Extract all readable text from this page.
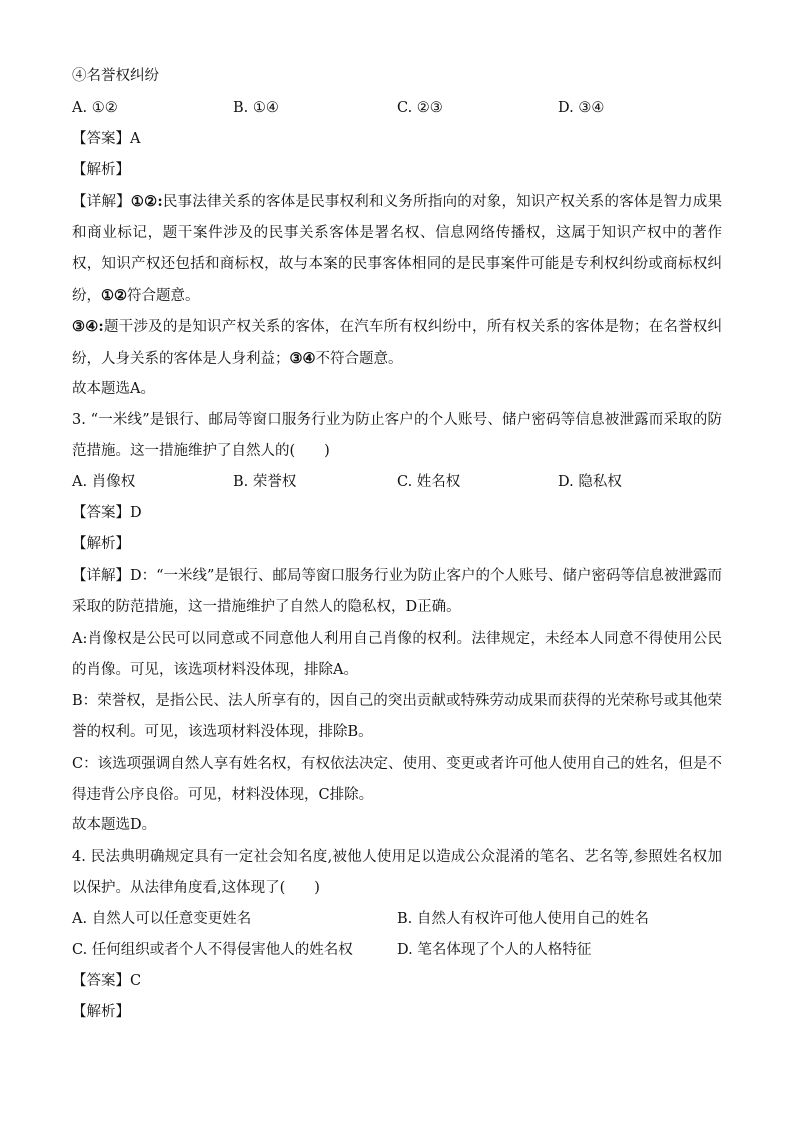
④名誉权纠纷
A. ①②	B. ①④	C. ②③	D. ③④
【答案】A
【解析】
【详解】①②:民事法律关系的客体是民事权利和义务所指向的对象，知识产权关系的客体是智力成果和商业标记，题干案件涉及的民事关系客体是署名权、信息网络传播权，这属于知识产权中的著作权，知识产权还包括和商标权，故与本案的民事客体相同的是民事案件可能是专利权纠纷或商标权纠纷，①②符合题意。
③④:题干涉及的是知识产权关系的客体，在汽车所有权纠纷中，所有权关系的客体是物；在名誉权纠纷，人身关系的客体是人身利益；③④不符合题意。
故本题选A。
3. “一米线”是银行、邮局等窗口服务行业为防止客户的个人账号、储户密码等信息被泄露而采取的防范措施。这一措施维护了自然人的(　　)
A. 肖像权	B. 荣誉权	C. 姓名权	D. 隐私权
【答案】D
【解析】
【详解】D：“一米线”是银行、邮局等窗口服务行业为防止客户的个人账号、储户密码等信息被泄露而采取的防范措施，这一措施维护了自然人的隐私权，D正确。
A:肖像权是公民可以同意或不同意他人利用自己肖像的权利。法律规定，未经本人同意不得使用公民的肖像。可见，该选项材料没体现，排除A。
B：荣誉权，是指公民、法人所享有的，因自己的突出贡献或特殊劳动成果而获得的光荣称号或其他荣誉的权利。可见，该选项材料没体现，排除B。
C：该选项强调自然人享有姓名权，有权依法决定、使用、变更或者许可他人使用自己的姓名，但是不得违背公序良俗。可见，材料没体现，C排除。
故本题选D。
4. 民法典明确规定具有一定社会知名度,被他人使用足以造成公众混淆的笔名、艺名等,参照姓名权加以保护。从法律角度看,这体现了(　　)
A. 自然人可以任意变更姓名	B. 自然人有权许可他人使用自己的姓名
C. 任何组织或者个人不得侵害他人的姓名权	D. 笔名体现了个人的人格特征
【答案】C
【解析】
